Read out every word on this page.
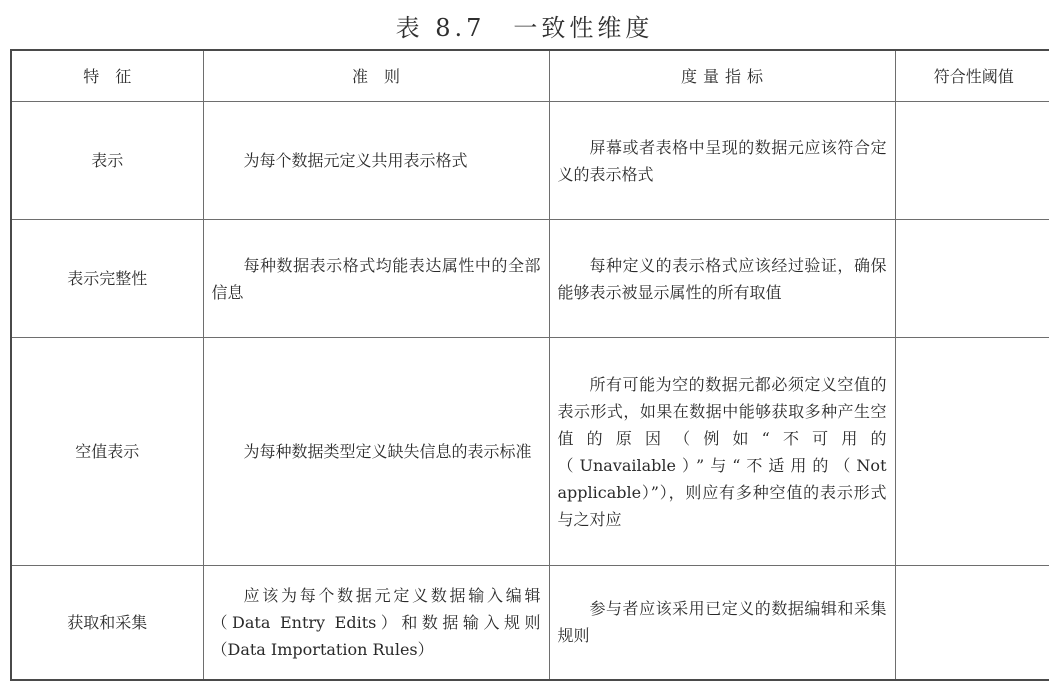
表 8.7　一致性维度
特　征	准　则	度量指标	符合性阈值
表示	为每个数据元定义共用表示格式	屏幕或者表格中呈现的数据元应该符合定义的表示格式	
表示完整性	每种数据表示格式均能表达属性中的全部信息	每种定义的表示格式应该经过验证，确保能够表示被显示属性的所有取值	
空值表示	为每种数据类型定义缺失信息的表示标准	所有可能为空的数据元都必须定义空值的表示形式，如果在数据中能够获取多种产生空值的原因（例如“不可用的（Unavailable）”与“不适用的（Not applicable）”），则应有多种空值的表示形式与之对应	
获取和采集	应该为每个数据元定义数据输入编辑（Data Entry Edits）和数据输入规则（Data Importation Rules）	参与者应该采用已定义的数据编辑和采集规则	
